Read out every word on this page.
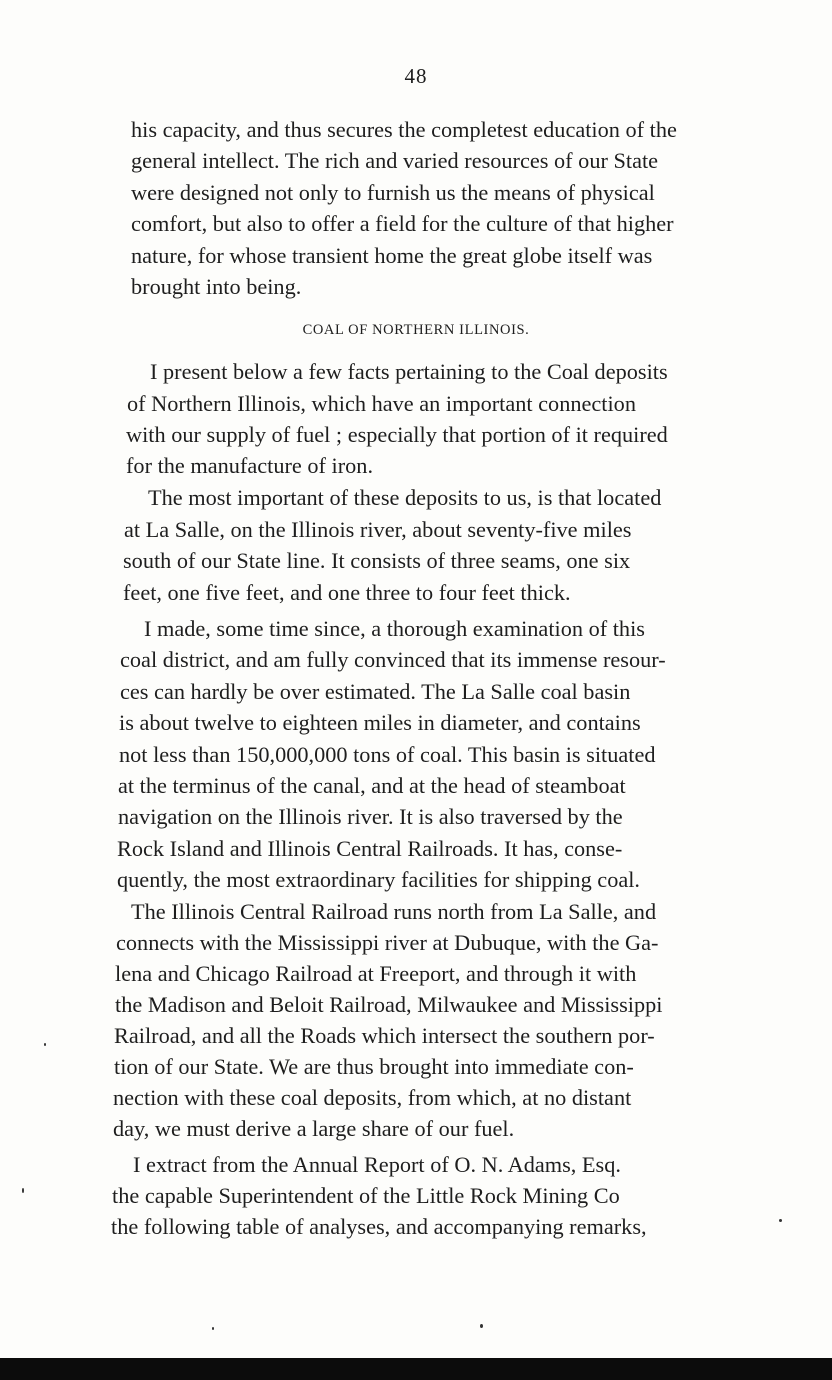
48
his capacity, and thus secures the completest education of the
general intellect. The rich and varied resources of our State
were designed not only to furnish us the means of physical
comfort, but also to offer a field for the culture of that higher
nature, for whose transient home the great globe itself was
brought into being.
COAL OF NORTHERN ILLINOIS.
I present below a few facts pertaining to the Coal deposits
of Northern Illinois, which have an important connection
with our supply of fuel ; especially that portion of it required
for the manufacture of iron.
The most important of these deposits to us, is that located
at La Salle, on the Illinois river, about seventy-five miles
south of our State line. It consists of three seams, one six
feet, one five feet, and one three to four feet thick.
I made, some time since, a thorough examination of this
coal district, and am fully convinced that its immense resour-
ces can hardly be over estimated. The La Salle coal basin
is about twelve to eighteen miles in diameter, and contains
not less than 150,000,000 tons of coal. This basin is situated
at the terminus of the canal, and at the head of steamboat
navigation on the Illinois river. It is also traversed by the
Rock Island and Illinois Central Railroads. It has, conse-
quently, the most extraordinary facilities for shipping coal.
The Illinois Central Railroad runs north from La Salle, and
connects with the Mississippi river at Dubuque, with the Ga-
lena and Chicago Railroad at Freeport, and through it with
the Madison and Beloit Railroad, Milwaukee and Mississippi
Railroad, and all the Roads which intersect the southern por-
tion of our State. We are thus brought into immediate con-
nection with these coal deposits, from which, at no distant
day, we must derive a large share of our fuel.
I extract from the Annual Report of O. N. Adams, Esq.
the capable Superintendent of the Little Rock Mining Co
the following table of analyses, and accompanying remarks,
